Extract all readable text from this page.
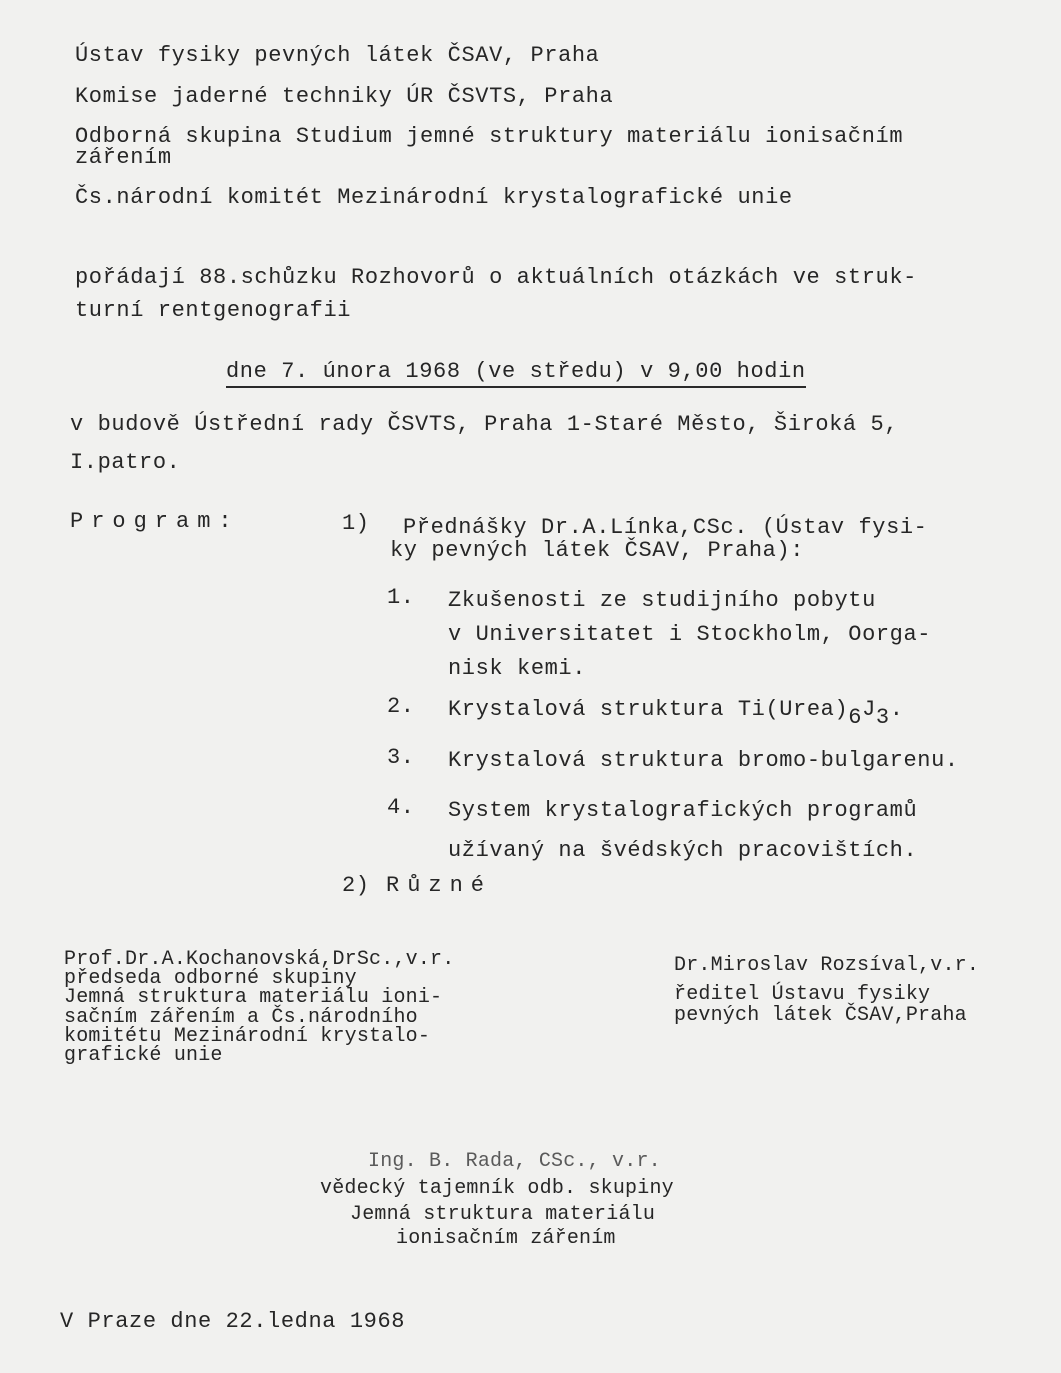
Ústav fysiky pevných látek ČSAV, Praha
Komise jaderné techniky ÚR ČSVTS, Praha
Odborná skupina Studium jemné struktury materiálu ionisačním
zářením
Čs.národní komitét Mezinárodní krystalografické unie
pořádají 88.schůzku Rozhovorů o aktuálních otázkách ve struk-
turní rentgenografii
dne 7. února 1968 (ve středu) v 9,00 hodin
v budově Ústřední rady ČSVTS, Praha 1-Staré Město, Široká 5,
I.patro.
Program:	1) Přednášky Dr.A.Línka,CSc. (Ústav fysi-
ky pevných látek ČSAV, Praha):
1. Zkušenosti ze studijního pobytu
v Universitatet i Stockholm, Oorga-
nisk kemi.
2. Krystalová struktura Ti(Urea)6J3.
3. Krystalová struktura bromo-bulgarenu.
4. System krystalografických programů
užívaný na švédských pracovištích.
2) Různé
Prof.Dr.A.Kochanovská,DrSc.,v.r.
předseda odborné skupiny
Jemná struktura materiálu ioni-
sačním zářením a Čs.národního
komitétu Mezinárodní krystalo-
grafické unie
Dr.Miroslav Rozsíval,v.r.
ředitel Ústavu fysiky
pevných látek ČSAV,Praha
Ing. B. Rada, CSc., v.r.
vědecký tajemník odb. skupiny
Jemná struktura materiálu
ionisačním zářením
V Praze dne 22.ledna 1968
